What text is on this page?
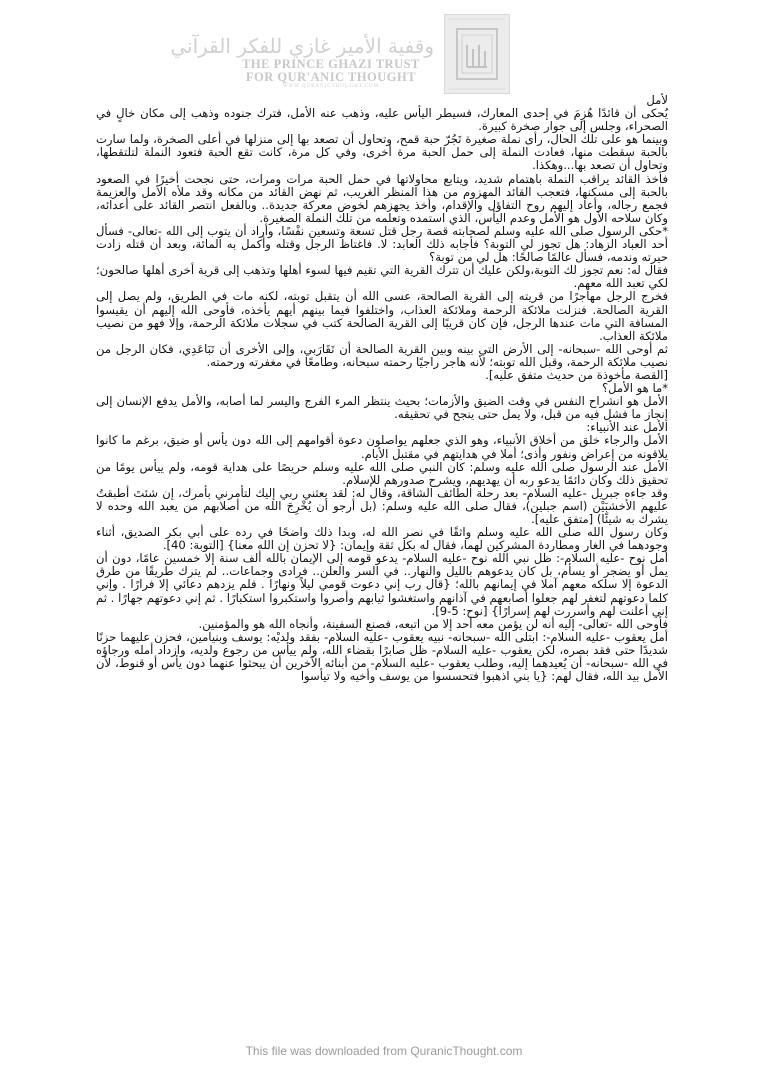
وقفية الأمير غازي للفكر القرآني
THE PRINCE GHAZI TRUST
FOR QUR'ANIC THOUGHT
WWW.QURANICTHOUGHT.COM

لأمل

يُحكى أن قائدًا هُزِمَ في إحدى المعارك، فسيطر اليأس عليه، وذهب عنه الأمل، فترك جنوده وذهب إلى مكان خالٍ في الصحراء، وجلس إلى جوار صخرة كبيرة.

وبينما هو على تلك الحال، رأى نملة صغيرة تَجُرّ حبة قمح، وتحاول أن تصعد بها إلى منزلها في أعلى الصخرة، ولما سارت بالحبة سقطت منها، فعادت النملة إلى حمل الحبة مرة أخرى، وفي كل مرة، كانت تقع الحبة فتعود النملة لتلتقطها، وتحاول أن تصعد بها...وهكذا.

فأخذ القائد يراقب النملة باهتمام شديد، ويتابع محاولاتها في حمل الحبة مرات ومرات، حتى نجحت أخيرًا في الصعود بالحبة إلى مسكنها، فتعجب القائد المهزوم من هذا المنظر الغريب، ثم نهض القائد من مكانه وقد ملأه الأمل والعزيمة فجمع رجاله، وأعاد إليهم روح التفاؤل والإقدام، وأخذ يجهزهم لخوض معركة جديدة.. وبالفعل انتصر القائد على أعدائه، وكان سلاحه الأول هو الأمل وعدم اليأس، الذي استمده وتعلمه من تلك النملة الصغيرة.

*حكى الرسول صلى الله عليه وسلم لصحابته قصة رجل قتل تسعة وتسعين نفْسًا، وأراد أن يتوب إلى الله -تعالى- فسأل أحد العباد الزهاد: هل تجوز لي التوبة؟ فأجابه ذلك العابد: لا. فاغتاظ الرجل وقتله وأكمل به المائة، وبعد أن قتله زادت حيرته وندمه، فسأل عالمًا صالحًا: هل لي من توبة؟

فقال له: نعم تجوز لك التوبة،ولكن عليك أن تترك القرية التي تقيم فيها لسوء أهلها وتذهب إلى قرية أخرى أهلها صالحون؛ لكي تعبد الله معهم.

فخرج الرجل مهاجرًا من قريته إلى القرية الصالحة، عسى الله أن يتقبل توبته، لكنه مات في الطريق، ولم يصل إلى القرية الصالحة. فنزلت ملائكة الرحمة وملائكة العذاب، واختلفوا فيما بينهم أيهم يأخذه، فأوحى الله إليهم أن يقيسوا المسافة التي مات عندها الرجل، فإن كان قريبًا إلى القرية الصالحة كتب في سجلات ملائكة الرحمة، وإلا فهو من نصيب ملائكة العذاب.

ثم أوحى الله -سبحانه- إلى الأرض التي بينه وبين القرية الصالحة أن تَقَارَبي، وإلى الأخرى أن تَبَاعَدِي، فكان الرجل من نصيب ملائكة الرحمة، وقبل الله توبته؛ لأنه هاجر راجيًا رحمته سبحانه، وطامعًا في مغفرته ورحمته.

[القصة مأخوذة من حديث متفق عليه].

*ما هو الأمل؟

الأمل هو انشراح النفس في وقت الضيق والأزمات؛ بحيث ينتظر المرء الفرج واليسر لما أصابه، والأمل يدفع الإنسان إلى إنجاز ما فشل فيه من قبل، ولا يمل حتى ينجح في تحقيقه.

الأمل عند الأنبياء:

الأمل والرجاء خلق من أخلاق الأنبياء، وهو الذي جعلهم يواصلون دعوة أقوامهم إلى الله دون يأس أو ضيق، برغم ما كانوا يلاقونه من إعراض ونفور وأذى؛ أملا في هدايتهم في مقتبل الأيام.

الأمل عند الرسول صلى الله عليه وسلم: كان النبي صلى الله عليه وسلم حريصًا على هداية قومه، ولم ييأس يومًا من تحقيق ذلك وكان دائمًا يدعو ربه أن يهديهم، ويشرح صدورهم للإسلام.

وقد جاءه جبريل -عليه السلام- بعد رحلة الطائف الشاقة، وقال له: لقد بعثني ربي إليك لتأمرني بأمرك، إن شئتَ أطبقتُ عليهم الأخشبَيْن (اسم جبلين)، فقال صلى الله عليه وسلم: (بل أرجو أن يُخْرِجَ الله من أصلابهم من يعبد الله وحده لا يشرك به شيئًا) [متفق عليه].

وكان رسول الله صلى الله عليه وسلم واثقًا في نصر الله له، وبدا ذلك واضحًا في رده على أبي بكر الصديق، أثناء وجودهما في الغار ومطاردة المشركين لهما، فقال له بكل ثقة وإيمان: {لا تحزن إن الله معنا} [التوبة: 40].

أمل نوح -عليه السلام-: ظل نبي الله نوح -عليه السلام- يدعو قومه إلى الإيمان بالله ألف سنة إلا خمسين عامًا، دون أن يمل أو يضجر أو يسأم، بل كان يدعوهم بالليل والنهار.. في السر والعلن.. فرادى وجماعات.. لم يترك طريقًا من طرق الدعوة إلا سلكه معهم آملا في إيمانهم بالله؛ {قال رب إني دعوت قومي ليلاً ونهارًا . فلم يزدهم دعائي إلا فرارًا . وإني كلما دعوتهم لتغفر لهم جعلوا أصابعهم في آذانهم واستغشوا ثيابهم وأصروا واستكبروا استكبارًا . ثم إني دعوتهم جهارًا . ثم إني أعلنت لهم وأسررت لهم إسرارًا} [نوح: 5-9].

فأوحى الله -تعالى- إليه أنه لن يؤمن معه أحد إلا من اتبعه، فصنع السفينة، وأنجاه الله هو والمؤمنين.

أمل يعقوب -عليه السلام-: ابتلى الله -سبحانه- نبيه يعقوب -عليه السلام- بفقد ولديْه: يوسف وبنيامين، فحزن عليهما حزنًا شديدًا حتى فقد بصره، لكن يعقوب -عليه السلام- ظل صابرًا بقضاء الله، ولم ييأس من رجوع ولديه، وازداد أمله ورجاؤه في الله -سبحانه- أن يُعيدهما إليه، وطلب يعقوب -عليه السلام- من أبنائه الآخرين أن يبحثوا عنهما دون يأس أو قنوط، لأن الأمل بيد الله، فقال لهم: {يا بني اذهبوا فتحسسوا من يوسف وأخيه ولا تيأسوا

This file was downloaded from QuranicThought.com
